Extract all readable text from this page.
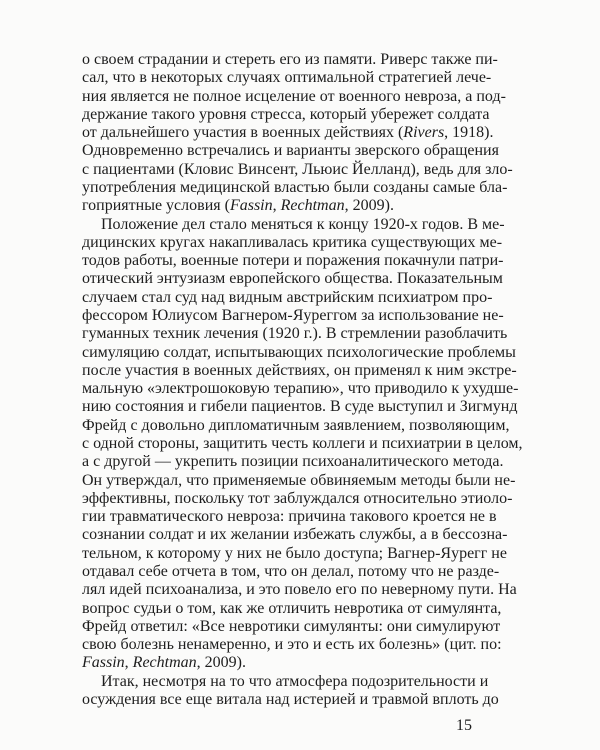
о своем страдании и стереть его из памяти. Риверс также пи-
сал, что в некоторых случаях оптимальной стратегией лече-
ния является не полное исцеление от военного невроза, а под-
держание такого уровня стресса, который убережет солдата
от дальнейшего участия в военных действиях (Rivers, 1918).
Одновременно встречались и варианты зверского обращения
с пациентами (Кловис Винсент, Льюис Йелланд), ведь для зло-
употребления медицинской властью были созданы самые бла-
гоприятные условия (Fassin, Rechtman, 2009).
Положение дел стало меняться к концу 1920-х годов. В ме-
дицинских кругах накапливалась критика существующих ме-
тодов работы, военные потери и поражения покачнули патри-
отический энтузиазм европейского общества. Показательным
случаем стал суд над видным австрийским психиатром про-
фессором Юлиусом Вагнером-Яуреггом за использование не-
гуманных техник лечения (1920 г.). В стремлении разоблачить
симуляцию солдат, испытывающих психологические проблемы
после участия в военных действиях, он применял к ним экстре-
мальную «электрошоковую терапию», что приводило к ухудше-
нию состояния и гибели пациентов. В суде выступил и Зигмунд
Фрейд с довольно дипломатичным заявлением, позволяющим,
с одной стороны, защитить честь коллеги и психиатрии в целом,
а с другой — укрепить позиции психоаналитического метода.
Он утверждал, что применяемые обвиняемым методы были не-
эффективны, поскольку тот заблуждался относительно этиоло-
гии травматического невроза: причина такового кроется не в
сознании солдат и их желании избежать службы, а в бессозна-
тельном, к которому у них не было доступа; Вагнер-Яурегг не
отдавал себе отчета в том, что он делал, потому что не разде-
лял идей психоанализа, и это повело его по неверному пути. На
вопрос судьи о том, как же отличить невротика от симулянта,
Фрейд ответил: «Все невротики симулянты: они симулируют
свою болезнь ненамеренно, и это и есть их болезнь» (цит. по:
Fassin, Rechtman, 2009).
Итак, несмотря на то что атмосфера подозрительности и
осуждения все еще витала над истерией и травмой вплоть до
15
